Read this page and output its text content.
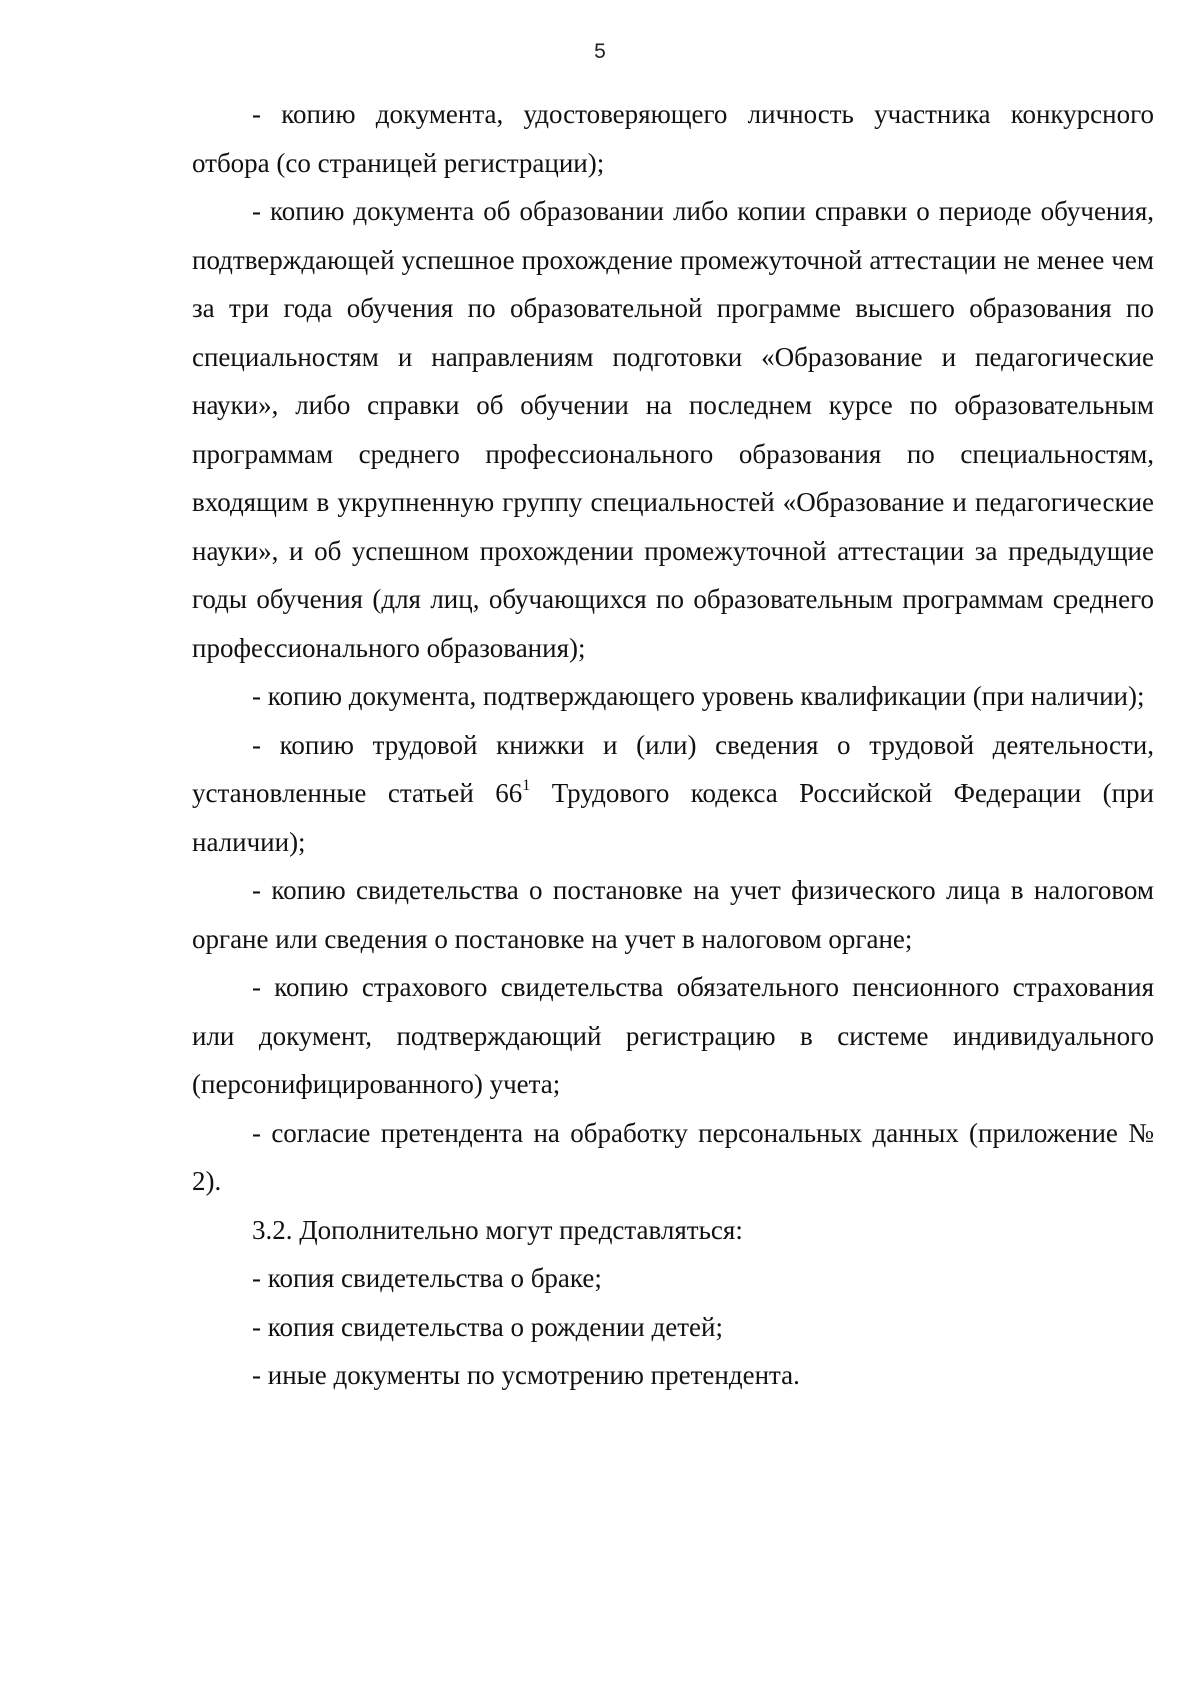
5

- копию документа, удостоверяющего личность участника конкурсного отбора (со страницей регистрации);

- копию документа об образовании либо копии справки о периоде обучения, подтверждающей успешное прохождение промежуточной аттестации не менее чем за три года обучения по образовательной программе высшего образования по специальностям и направлениям подготовки «Образование и педагогические науки», либо справки об обучении на последнем курсе по образовательным программам среднего профессионального образования по специальностям, входящим в укрупненную группу специальностей «Образование и педагогические науки», и об успешном прохождении промежуточной аттестации за предыдущие годы обучения (для лиц, обучающихся по образовательным программам среднего профессионального образования);

- копию документа, подтверждающего уровень квалификации (при наличии);

- копию трудовой книжки и (или) сведения о трудовой деятельности, установленные статьей $66^1$ Трудового кодекса Российской Федерации (при наличии);

- копию свидетельства о постановке на учет физического лица в налоговом органе или сведения о постановке на учет в налоговом органе;

- копию страхового свидетельства обязательного пенсионного страхования или документ, подтверждающий регистрацию в системе индивидуального (персонифицированного) учета;

- согласие претендента на обработку персональных данных (приложение № 2).

3.2. Дополнительно могут представляться:

- копия свидетельства о браке;

- копия свидетельства о рождении детей;

- иные документы по усмотрению претендента.
